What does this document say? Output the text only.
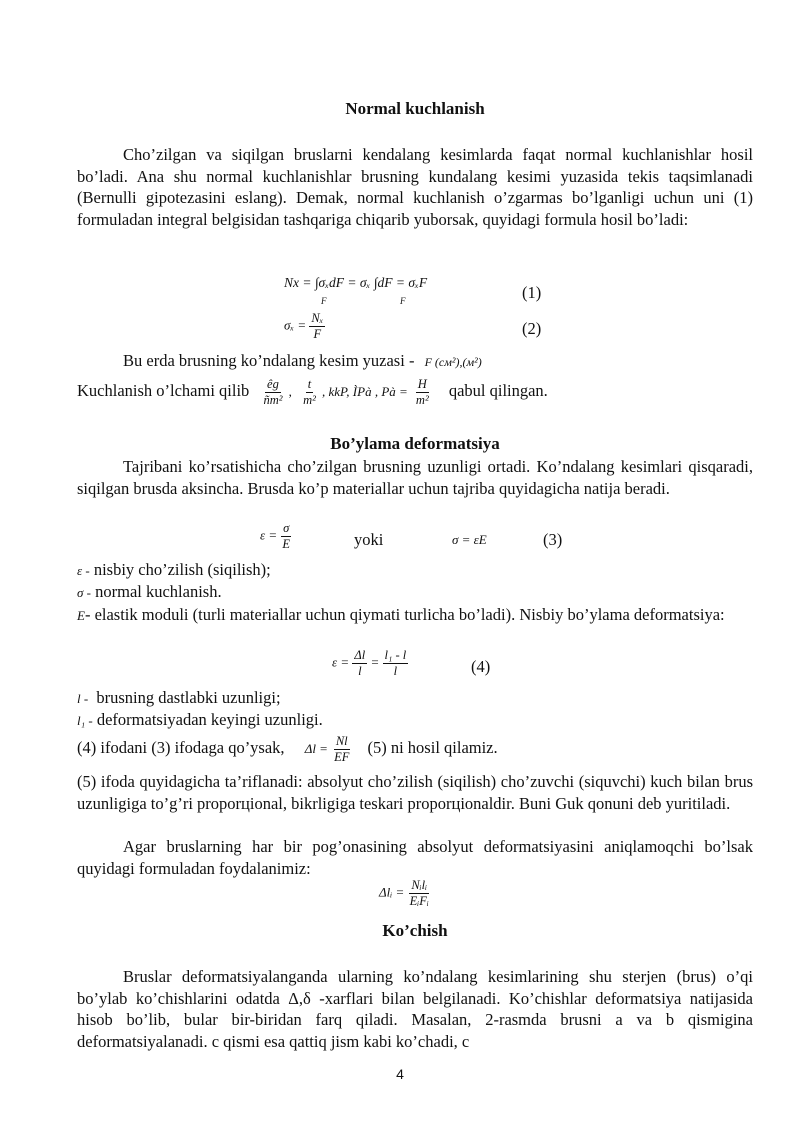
Normal kuchlanish
Cho’zilgan va siqilgan bruslarni kendalang kesimlarda faqat normal kuchlanishlar hosil bo’ladi. Ana shu normal kuchlanishlar brusning kundalang kesimi yuzasida tekis taqsimlanadi (Bernulli gipotezasini eslang). Demak, normal kuchlanish o’zgarmas bo’lganligi uchun uni (1) formuladan integral belgisidan tashqariga chiqarib yuborsak, quyidagi formula hosil bo’ladi:
Nx = ∫σₓdF = σₓ ∫dF = σₓF
F	F	(1)
$\sigma_x = \frac{\text{Nₓ}}{F}$	(2)
Bu erda brusning ko’ndalang kesim yuzasi - F (см²),(м²)
Kuchlanish o’lchami qilib $\frac{êg}{\text{ñm²}}$ , $\frac{t}{\text{m²}}$ , kkP, ÌPà , Pà = $\frac{H}{\text{m²}}$ qabul qilingan.
Bo’ylama deformatsiya
Tajribani ko’rsatishicha cho’zilgan brusning uzunligi ortadi. Ko’ndalang kesimlari qisqaradi, siqilgan brusda aksincha. Brusda ko’p materiallar uchun tajriba quyidagicha natija beradi.
$\varepsilon = \frac{\sigma}{E}$	yoki	σ = εE	(3)
ε - nisbiy cho’zilish (siqilish);
σ - normal kuchlanish.
E- elastik moduli (turli materiallar uchun qiymati turlicha bo’ladi). Nisbiy bo’ylama deformatsiya:
$\varepsilon = \frac{\Delta l}{l} = \frac{\text{l₁ - l}}{l}$	(4)
l - brusning dastlabki uzunligi;
l₁ - deformatsiyadan keyingi uzunligi.
(4) ifodani (3) ifodaga qo’ysak, $\Delta l = \frac{Nl}{EF} (5)$ ni hosil qilamiz.
(5) ifoda quyidagicha ta’riflanadi: absolyut cho’zilish (siqilish) cho’zuvchi (siquvchi) kuch bilan brus uzunligiga to’g’ri proporцional, bikrligiga teskari proporцionaldir. Buni Guk qonuni deb yuritiladi.
Agar bruslarning har bir pog’onasining absolyut deformatsiyasini aniqlamoqchi bo’lsak quyidagi formuladan foydalanimiz:
Δlᵢ = $\frac{\text{Nᵢlᵢ}}{\text{EᵢFᵢ}}$
Ko’chish
Bruslar deformatsiyalanganda ularning ko’ndalang kesimlarining shu sterjen (brus) o’qi bo’ylab ko’chishlarini odatda Δ,δ -xarflari bilan belgilanadi. Ko’chishlar deformatsiya natijasida hisob bo’lib, bular bir-biridan farq qiladi. Masalan, 2-rasmda brusni a va b qismigina deformatsiyalanadi. c qismi esa qattiq jism kabi ko’chadi, c
4
